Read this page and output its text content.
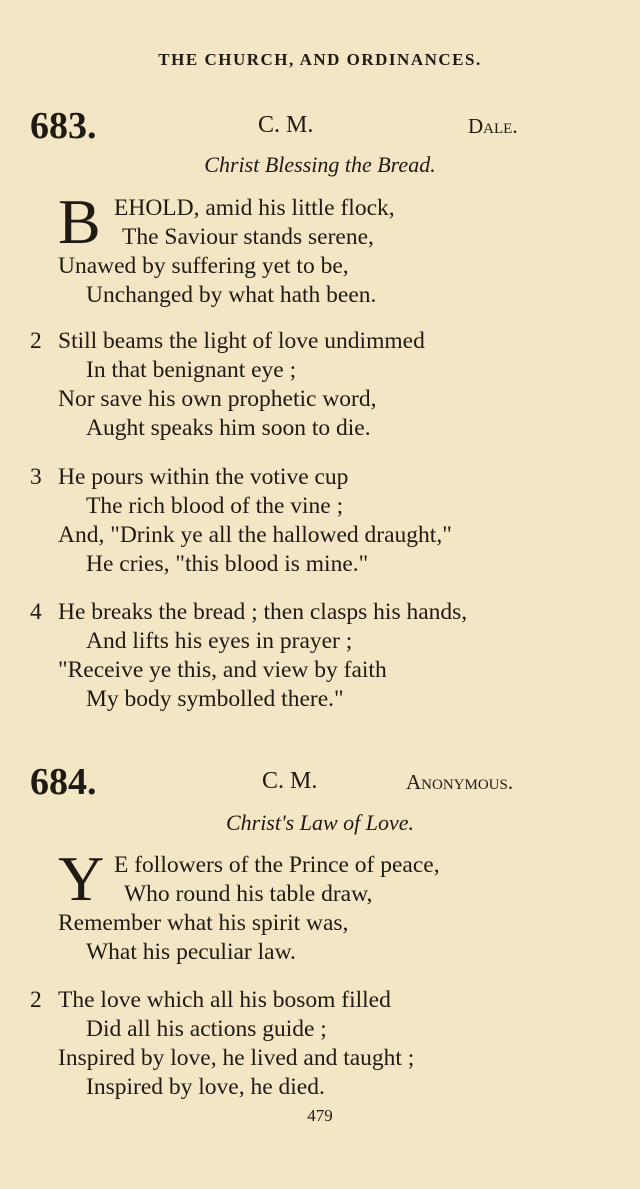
THE CHURCH, AND ORDINANCES.
683.	C. M.	Dale.
Christ Blessing the Bread.
B EHOLD, amid his little flock,
The Saviour stands serene,
Unawed by suffering yet to be,
Unchanged by what hath been.
2 Still beams the light of love undimmed
In that benignant eye ;
Nor save his own prophetic word,
Aught speaks him soon to die.
3 He pours within the votive cup
The rich blood of the vine ;
And, "Drink ye all the hallowed draught,"
He cries, "this blood is mine."
4 He breaks the bread ; then clasps his hands,
And lifts his eyes in prayer ;
"Receive ye this, and view by faith
My body symbolled there."
684.	C. M.	Anonymous.
Christ's Law of Love.
Y E followers of the Prince of peace,
Who round his table draw,
Remember what his spirit was,
What his peculiar law.
2 The love which all his bosom filled
Did all his actions guide ;
Inspired by love, he lived and taught ;
Inspired by love, he died.
479
